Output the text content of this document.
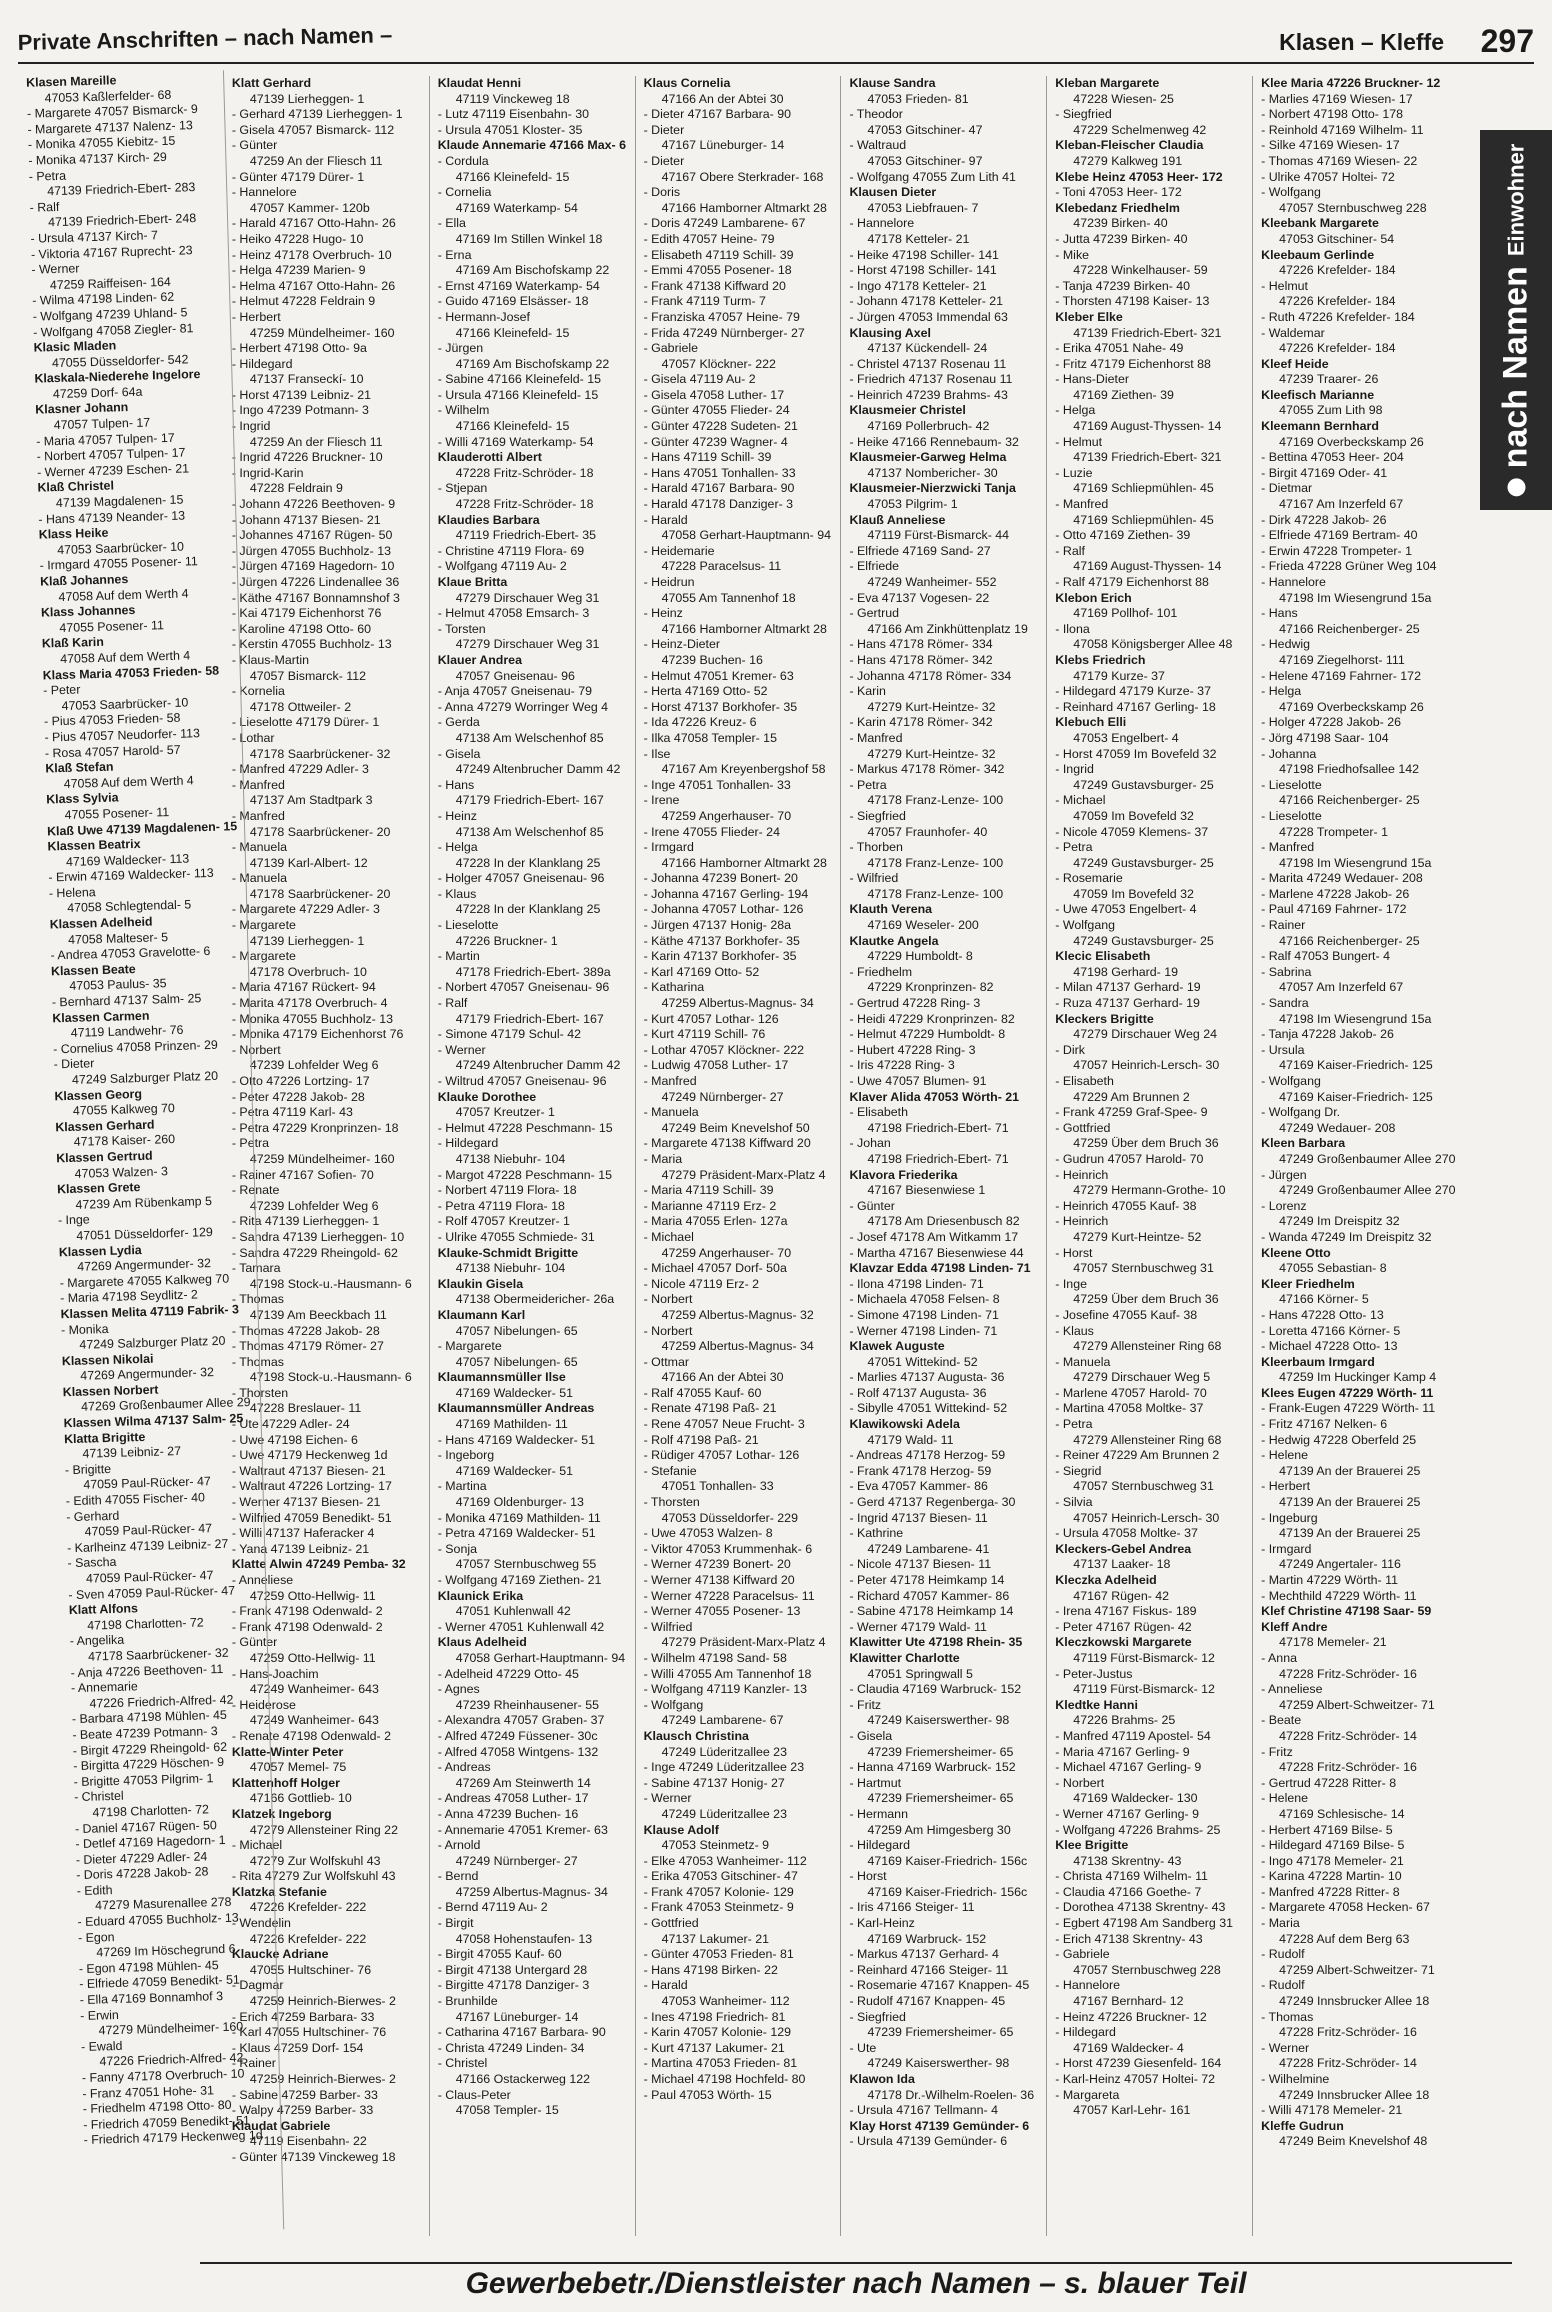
Private Anschriften – nach Namen –	Klasen – Kleffe 297
nach Namen
Einwohner
Klasen Mareille
47053 Kaßlerfelder- 68
- Margarete 47057 Bismarck- 9
- Margarete 47137 Nalenz- 13
- Monika 47055 Kiebitz- 15
- Monika 47137 Kirch- 29
- Petra
47139 Friedrich-Ebert- 283
- Ralf
47139 Friedrich-Ebert- 248
- Ursula 47137 Kirch- 7
- Viktoria 47167 Ruprecht- 23
- Werner
47259 Raiffeisen- 164
- Wilma 47198 Linden- 62
- Wolfgang 47239 Uhland- 5
- Wolfgang 47058 Ziegler- 81
Klasic Mladen
47055 Düsseldorfer- 542
Klaskala-Niederehe Ingelore
47259 Dorf- 64a
Klasner Johann
47057 Tulpen- 17
- Maria 47057 Tulpen- 17
- Norbert 47057 Tulpen- 17
- Werner 47239 Eschen- 21
Klaß Christel
47139 Magdalenen- 15
- Hans 47139 Neander- 13
Klass Heike
47053 Saarbrücker- 10
- Irmgard 47055 Posener- 11
Klaß Johannes
47058 Auf dem Werth 4
Klass Johannes
47055 Posener- 11
Klaß Karin
47058 Auf dem Werth 4
Klass Maria 47053 Frieden- 58
- Peter
47053 Saarbrücker- 10
- Pius 47053 Frieden- 58
- Pius 47057 Neudorfer- 113
- Rosa 47057 Harold- 57
Klaß Stefan
47058 Auf dem Werth 4
Klass Sylvia
47055 Posener- 11
Klaß Uwe 47139 Magdalenen- 15
Klassen Beatrix
47169 Waldecker- 113
- Erwin 47169 Waldecker- 113
- Helena
47058 Schlegtendal- 5
Klassen Adelheid
47058 Malteser- 5
- Andrea 47053 Gravelotte- 6
Klassen Beate
47053 Paulus- 35
- Bernhard 47137 Salm- 25
Klassen Carmen
47119 Landwehr- 76
- Cornelius 47058 Prinzen- 29
- Dieter
47249 Salzburger Platz 20
Klassen Georg
47055 Kalkweg 70
Klassen Gerhard
47178 Kaiser- 260
Klassen Gertrud
47053 Walzen- 3
Klassen Grete
47239 Am Rübenkamp 5
- Inge
47051 Düsseldorfer- 129
Klassen Lydia
47269 Angermunder- 32
- Margarete 47055 Kalkweg 70
- Maria 47198 Seydlitz- 2
Klassen Melita 47119 Fabrik- 3
- Monika
47249 Salzburger Platz 20
Klassen Nikolai
47269 Angermunder- 32
Klassen Norbert
47269 Großenbaumer Allee 29
Klassen Wilma 47137 Salm- 25
Klatta Brigitte
47139 Leibniz- 27
- Brigitte
47059 Paul-Rücker- 47
- Edith 47055 Fischer- 40
- Gerhard
47059 Paul-Rücker- 47
- Karlheinz 47139 Leibniz- 27
- Sascha
47059 Paul-Rücker- 47
- Sven 47059 Paul-Rücker- 47
Klatt Alfons
47198 Charlotten- 72
- Angelika
47178 Saarbrückener- 32
- Anja 47226 Beethoven- 11
- Annemarie
47226 Friedrich-Alfred- 42
- Barbara 47198 Mühlen- 45
- Beate 47239 Potmann- 3
- Birgit 47229 Rheingold- 62
- Birgitta 47229 Höschen- 9
- Brigitte 47053 Pilgrim- 1
- Christel
47198 Charlotten- 72
- Daniel 47167 Rügen- 50
- Detlef 47169 Hagedorn- 1
- Dieter 47229 Adler- 24
- Doris 47228 Jakob- 28
- Edith
47279 Masurenallee 278
- Eduard 47055 Buchholz- 13
- Egon
47269 Im Höschegrund 6
- Egon 47198 Mühlen- 45
- Elfriede 47059 Benedikt- 51
- Ella 47169 Bonnamhof 3
- Erwin
47279 Mündelheimer- 160
- Ewald
47226 Friedrich-Alfred- 42
- Fanny 47178 Overbruch- 10
- Franz 47051 Hohe- 31
- Friedhelm 47198 Otto- 80
- Friedrich 47059 Benedikt- 51
- Friedrich 47179 Heckenweg 1d
Klatt Gerhard
47139 Lierheggen- 1
- Gerhard 47139 Lierheggen- 1
- Gisela 47057 Bismarck- 112
- Günter
47259 An der Fliesch 11
- Günter 47179 Dürer- 1
- Hannelore
47057 Kammer- 120b
- Harald 47167 Otto-Hahn- 26
- Heiko 47228 Hugo- 10
- Heinz 47178 Overbruch- 10
- Helga 47239 Marien- 9
- Helma 47167 Otto-Hahn- 26
- Helmut 47228 Feldrain 9
- Herbert
47259 Mündelheimer- 160
- Herbert 47198 Otto- 9a
- Hildegard
47137 Franseckí- 10
- Horst 47139 Leibniz- 21
- Ingo 47239 Potmann- 3
- Ingrid
47259 An der Fliesch 11
- Ingrid 47226 Bruckner- 10
- Ingrid-Karin
47228 Feldrain 9
- Johann 47226 Beethoven- 9
- Johann 47137 Biesen- 21
- Johannes 47167 Rügen- 50
- Jürgen 47055 Buchholz- 13
- Jürgen 47169 Hagedorn- 10
- Jürgen 47226 Lindenallee 36
- Käthe 47167 Bonnamnshof 3
- Kai 47179 Eichenhorst 76
- Karoline 47198 Otto- 60
- Kerstin 47055 Buchholz- 13
- Klaus-Martin
47057 Bismarck- 112
- Kornelia
47178 Ottweiler- 2
- Lieselotte 47179 Dürer- 1
- Lothar
47178 Saarbrückener- 32
- Manfred 47229 Adler- 3
- Manfred
47137 Am Stadtpark 3
- Manfred
47178 Saarbrückener- 20
- Manuela
47139 Karl-Albert- 12
- Manuela
47178 Saarbrückener- 20
- Margarete 47229 Adler- 3
- Margarete
47139 Lierheggen- 1
- Margarete
47178 Overbruch- 10
- Maria 47167 Rückert- 94
- Marita 47178 Overbruch- 4
- Monika 47055 Buchholz- 13
- Monika 47179 Eichenhorst 76
- Norbert
47239 Lohfelder Weg 6
- Otto 47226 Lortzing- 17
- Peter 47228 Jakob- 28
- Petra 47119 Karl- 43
- Petra 47229 Kronprinzen- 18
- Petra
47259 Mündelheimer- 160
- Rainer 47167 Sofien- 70
- Renate
47239 Lohfelder Weg 6
- Rita 47139 Lierheggen- 1
- Sandra 47139 Lierheggen- 10
- Sandra 47229 Rheingold- 62
- Tamara
47198 Stock-u.-Hausmann- 6
- Thomas
47139 Am Beeckbach 11
- Thomas 47228 Jakob- 28
- Thomas 47179 Römer- 27
- Thomas
47198 Stock-u.-Hausmann- 6
- Thorsten
47228 Breslauer- 11
- Ute 47229 Adler- 24
- Uwe 47198 Eichen- 6
- Uwe 47179 Heckenweg 1d
- Waltraut 47137 Biesen- 21
- Waltraut 47226 Lortzing- 17
- Werner 47137 Biesen- 21
- Wilfried 47059 Benedikt- 51
- Willi 47137 Haferacker 4
- Yana 47139 Leibniz- 21
Klatte Alwin 47249 Pemba- 32
- Anneliese
47259 Otto-Hellwig- 11
- Frank 47198 Odenwald- 2
- Frank 47198 Odenwald- 2
- Günter
47259 Otto-Hellwig- 11
- Hans-Joachim
47249 Wanheimer- 643
- Heiderose
47249 Wanheimer- 643
- Renate 47198 Odenwald- 2
Klatte-Winter Peter
47057 Memel- 75
Klattenhoff Holger
47166 Gottlieb- 10
Klatzek Ingeborg
47279 Allensteiner Ring 22
- Michael
47279 Zur Wolfskuhl 43
- Rita 47279 Zur Wolfskuhl 43
Klatzka Stefanie
47226 Krefelder- 222
- Wendelin
47226 Krefelder- 222
Klaucke Adriane
47055 Hultschiner- 76
- Dagmar
47259 Heinrich-Bierwes- 2
- Erich 47259 Barbara- 33
- Karl 47055 Hultschiner- 76
- Klaus 47259 Dorf- 154
- Rainer
47259 Heinrich-Bierwes- 2
- Sabine 47259 Barber- 33
- Walpy 47259 Barber- 33
Klaudat Gabriele
47119 Eisenbahn- 22
- Günter 47139 Vinckeweg 18
Klaudat Henni
47119 Vinckeweg 18
- Lutz 47119 Eisenbahn- 30
- Ursula 47051 Kloster- 35
Klaude Annemarie 47166 Max- 6
- Cordula
47166 Kleinefeld- 15
- Cornelia
47169 Waterkamp- 54
- Ella
47169 Im Stillen Winkel 18
- Erna
47169 Am Bischofskamp 22
- Ernst 47169 Waterkamp- 54
- Guido 47169 Elsässer- 18
- Hermann-Josef
47166 Kleinefeld- 15
- Jürgen
47169 Am Bischofskamp 22
- Sabine 47166 Kleinefeld- 15
- Ursula 47166 Kleinefeld- 15
- Wilhelm
47166 Kleinefeld- 15
- Willi 47169 Waterkamp- 54
Klauderotti Albert
47228 Fritz-Schröder- 18
- Stjepan
47228 Fritz-Schröder- 18
Klaudies Barbara
47119 Friedrich-Ebert- 35
- Christine 47119 Flora- 69
- Wolfgang 47119 Au- 2
Klaue Britta
47279 Dirschauer Weg 31
- Helmut 47058 Emsarch- 3
- Torsten
47279 Dirschauer Weg 31
Klauer Andrea
47057 Gneisenau- 96
- Anja 47057 Gneisenau- 79
- Anna 47279 Worringer Weg 4
- Gerda
47138 Am Welschenhof 85
- Gisela
47249 Altenbrucher Damm 42
- Hans
47179 Friedrich-Ebert- 167
- Heinz
47138 Am Welschenhof 85
- Helga
47228 In der Klanklang 25
- Holger 47057 Gneisenau- 96
- Klaus
47228 In der Klanklang 25
- Lieselotte
47226 Bruckner- 1
- Martin
47178 Friedrich-Ebert- 389a
- Norbert 47057 Gneisenau- 96
- Ralf
47179 Friedrich-Ebert- 167
- Simone 47179 Schul- 42
- Werner
47249 Altenbrucher Damm 42
- Wiltrud 47057 Gneisenau- 96
Klauke Dorothee
47057 Kreutzer- 1
- Helmut 47228 Peschmann- 15
- Hildegard
47138 Niebuhr- 104
- Margot 47228 Peschmann- 15
- Norbert 47119 Flora- 18
- Petra 47119 Flora- 18
- Rolf 47057 Kreutzer- 1
- Ulrike 47055 Schmiede- 31
Klauke-Schmidt Brigitte
47138 Niebuhr- 104
Klaukin Gisela
47138 Obermeidericher- 26a
Klaumann Karl
47057 Nibelungen- 65
- Margarete
47057 Nibelungen- 65
Klaumannsmüller Ilse
47169 Waldecker- 51
Klaumannsmüller Andreas
47169 Mathilden- 11
- Hans 47169 Waldecker- 51
- Ingeborg
47169 Waldecker- 51
- Martina
47169 Oldenburger- 13
- Monika 47169 Mathilden- 11
- Petra 47169 Waldecker- 51
- Sonja
47057 Sternbuschweg 55
- Wolfgang 47169 Ziethen- 21
Klaunick Erika
47051 Kuhlenwall 42
- Werner 47051 Kuhlenwall 42
Klaus Adelheid
47058 Gerhart-Hauptmann- 94
- Adelheid 47229 Otto- 45
- Agnes
47239 Rheinhausener- 55
- Alexandra 47057 Graben- 37
- Alfred 47249 Füssener- 30c
- Alfred 47058 Wintgens- 132
- Andreas
47269 Am Steinwerth 14
- Andreas 47058 Luther- 17
- Anna 47239 Buchen- 16
- Annemarie 47051 Kremer- 63
- Arnold
47249 Nürnberger- 27
- Bernd
47259 Albertus-Magnus- 34
- Bernd 47119 Au- 2
- Birgit
47058 Hohenstaufen- 13
- Birgit 47055 Kauf- 60
- Birgit 47138 Untergard 28
- Birgitte 47178 Danziger- 3
- Brunhilde
47167 Lüneburger- 14
- Catharina 47167 Barbara- 90
- Christa 47249 Linden- 34
- Christel
47166 Ostackerweg 122
- Claus-Peter
47058 Templer- 15
Klaus Cornelia
47166 An der Abtei 30
- Dieter 47167 Barbara- 90
- Dieter
47167 Lüneburger- 14
- Dieter
47167 Obere Sterkrader- 168
- Doris
47166 Hamborner Altmarkt 28
- Doris 47249 Lambarene- 67
- Edith 47057 Heine- 79
- Elisabeth 47119 Schill- 39
- Emmi 47055 Posener- 18
- Frank 47138 Kiffward 20
- Frank 47119 Turm- 7
- Franziska 47057 Heine- 79
- Frida 47249 Nürnberger- 27
- Gabriele
47057 Klöckner- 222
- Gisela 47119 Au- 2
- Gisela 47058 Luther- 17
- Günter 47055 Flieder- 24
- Günter 47228 Sudeten- 21
- Günter 47239 Wagner- 4
- Hans 47119 Schill- 39
- Hans 47051 Tonhallen- 33
- Harald 47167 Barbara- 90
- Harald 47178 Danziger- 3
- Harald
47058 Gerhart-Hauptmann- 94
- Heidemarie
47228 Paracelsus- 11
- Heidrun
47055 Am Tannenhof 18
- Heinz
47166 Hamborner Altmarkt 28
- Heinz-Dieter
47239 Buchen- 16
- Helmut 47051 Kremer- 63
- Herta 47169 Otto- 52
- Horst 47137 Borkhofer- 35
- Ida 47226 Kreuz- 6
- Ilka 47058 Templer- 15
- Ilse
47167 Am Kreyenbergshof 58
- Inge 47051 Tonhallen- 33
- Irene
47259 Angerhauser- 70
- Irene 47055 Flieder- 24
- Irmgard
47166 Hamborner Altmarkt 28
- Johanna 47239 Bonert- 20
- Johanna 47167 Gerling- 194
- Johanna 47057 Lothar- 126
- Jürgen 47137 Honig- 28a
- Käthe 47137 Borkhofer- 35
- Karin 47137 Borkhofer- 35
- Karl 47169 Otto- 52
- Katharina
47259 Albertus-Magnus- 34
- Kurt 47057 Lothar- 126
- Kurt 47119 Schill- 76
- Lothar 47057 Klöckner- 222
- Ludwig 47058 Luther- 17
- Manfred
47249 Nürnberger- 27
- Manuela
47249 Beim Knevelshof 50
- Margarete 47138 Kiffward 20
- Maria
47279 Präsident-Marx-Platz 4
- Maria 47119 Schill- 39
- Marianne 47119 Erz- 2
- Maria 47055 Erlen- 127a
- Michael
47259 Angerhauser- 70
- Michael 47057 Dorf- 50a
- Nicole 47119 Erz- 2
- Norbert
47259 Albertus-Magnus- 32
- Norbert
47259 Albertus-Magnus- 34
- Ottmar
47166 An der Abtei 30
- Ralf 47055 Kauf- 60
- Renate 47198 Paß- 21
- Rene 47057 Neue Frucht- 3
- Rolf 47198 Paß- 21
- Rüdiger 47057 Lothar- 126
- Stefanie
47051 Tonhallen- 33
- Thorsten
47053 Düsseldorfer- 229
- Uwe 47053 Walzen- 8
- Viktor 47053 Krummenhak- 6
- Werner 47239 Bonert- 20
- Werner 47138 Kiffward 20
- Werner 47228 Paracelsus- 11
- Werner 47055 Posener- 13
- Wilfried
47279 Präsident-Marx-Platz 4
- Wilhelm 47198 Sand- 58
- Willi 47055 Am Tannenhof 18
- Wolfgang 47119 Kanzler- 13
- Wolfgang
47249 Lambarene- 67
Klausch Christina
47249 Lüderitzallee 23
- Inge 47249 Lüderitzallee 23
- Sabine 47137 Honig- 27
- Werner
47249 Lüderitzallee 23
Klause Adolf
47053 Steinmetz- 9
- Elke 47053 Wanheimer- 112
- Erika 47053 Gitschiner- 47
- Frank 47057 Kolonie- 129
- Frank 47053 Steinmetz- 9
- Gottfried
47137 Lakumer- 21
- Günter 47053 Frieden- 81
- Hans 47198 Birken- 22
- Harald
47053 Wanheimer- 112
- Ines 47198 Friedrich- 81
- Karin 47057 Kolonie- 129
- Kurt 47137 Lakumer- 21
- Martina 47053 Frieden- 81
- Michael 47198 Hochfeld- 80
- Paul 47053 Wörth- 15
Klause Sandra
47053 Frieden- 81
- Theodor
47053 Gitschiner- 47
- Waltraud
47053 Gitschiner- 97
- Wolfgang 47055 Zum Lith 41
Klausen Dieter
47053 Liebfrauen- 7
- Hannelore
47178 Ketteler- 21
- Heike 47198 Schiller- 141
- Horst 47198 Schiller- 141
- Ingo 47178 Ketteler- 21
- Johann 47178 Ketteler- 21
- Jürgen 47053 Immendal 63
Klausing Axel
47137 Kückendell- 24
- Christel 47137 Rosenau 11
- Friedrich 47137 Rosenau 11
- Heinrich 47239 Brahms- 43
Klausmeier Christel
47169 Pollerbruch- 42
- Heike 47166 Rennebaum- 32
Klausmeier-Garweg Helma
47137 Nombericher- 30
Klausmeier-Nierzwicki Tanja
47053 Pilgrim- 1
Klauß Anneliese
47119 Fürst-Bismarck- 44
- Elfriede 47169 Sand- 27
- Elfriede
47249 Wanheimer- 552
- Eva 47137 Vogesen- 22
- Gertrud
47166 Am Zinkhüttenplatz 19
- Hans 47178 Römer- 334
- Hans 47178 Römer- 342
- Johanna 47178 Römer- 334
- Karin
47279 Kurt-Heintze- 32
- Karin 47178 Römer- 342
- Manfred
47279 Kurt-Heintze- 32
- Markus 47178 Römer- 342
- Petra
47178 Franz-Lenze- 100
- Siegfried
47057 Fraunhofer- 40
- Thorben
47178 Franz-Lenze- 100
- Wilfried
47178 Franz-Lenze- 100
Klauth Verena
47169 Weseler- 200
Klautke Angela
47229 Humboldt- 8
- Friedhelm
47229 Kronprinzen- 82
- Gertrud 47228 Ring- 3
- Heidi 47229 Kronprinzen- 82
- Helmut 47229 Humboldt- 8
- Hubert 47228 Ring- 3
- Iris 47228 Ring- 3
- Uwe 47057 Blumen- 91
Klaver Alida 47053 Wörth- 21
- Elisabeth
47198 Friedrich-Ebert- 71
- Johan
47198 Friedrich-Ebert- 71
Klavora Friederika
47167 Biesenwiese 1
- Günter
47178 Am Driesenbusch 82
- Josef 47178 Am Witkamm 17
- Martha 47167 Biesenwiese 44
Klavzar Edda 47198 Linden- 71
- Ilona 47198 Linden- 71
- Michaela 47058 Felsen- 8
- Simone 47198 Linden- 71
- Werner 47198 Linden- 71
Klawek Auguste
47051 Wittekind- 52
- Marlies 47137 Augusta- 36
- Rolf 47137 Augusta- 36
- Sibylle 47051 Wittekind- 52
Klawikowski Adela
47179 Wald- 11
- Andreas 47178 Herzog- 59
- Frank 47178 Herzog- 59
- Eva 47057 Kammer- 86
- Gerd 47137 Regenberga- 30
- Ingrid 47137 Biesen- 11
- Kathrine
47249 Lambarene- 41
- Nicole 47137 Biesen- 11
- Peter 47178 Heimkamp 14
- Richard 47057 Kammer- 86
- Sabine 47178 Heimkamp 14
- Werner 47179 Wald- 11
Klawitter Ute 47198 Rhein- 35
Klawitter Charlotte
47051 Springwall 5
- Claudia 47169 Warbruck- 152
- Fritz
47249 Kaiserswerther- 98
- Gisela
47239 Friemersheimer- 65
- Hanna 47169 Warbruck- 152
- Hartmut
47239 Friemersheimer- 65
- Hermann
47259 Am Himgesberg 30
- Hildegard
47169 Kaiser-Friedrich- 156c
- Horst
47169 Kaiser-Friedrich- 156c
- Iris 47166 Steiger- 11
- Karl-Heinz
47169 Warbruck- 152
- Markus 47137 Gerhard- 4
- Reinhard 47166 Steiger- 11
- Rosemarie 47167 Knappen- 45
- Rudolf 47167 Knappen- 45
- Siegfried
47239 Friemersheimer- 65
- Ute
47249 Kaiserswerther- 98
Klawon Ida
47178 Dr.-Wilhelm-Roelen- 36
- Ursula 47167 Tellmann- 4
Klay Horst 47139 Gemünder- 6
- Ursula 47139 Gemünder- 6
Kleban Margarete
47228 Wiesen- 25
- Siegfried
47229 Schelmenweg 42
Kleban-Fleischer Claudia
47279 Kalkweg 191
Klebe Heinz 47053 Heer- 172
- Toni 47053 Heer- 172
Klebedanz Friedhelm
47239 Birken- 40
- Jutta 47239 Birken- 40
- Mike
47228 Winkelhauser- 59
- Tanja 47239 Birken- 40
- Thorsten 47198 Kaiser- 13
Kleber Elke
47139 Friedrich-Ebert- 321
- Erika 47051 Nahe- 49
- Fritz 47179 Eichenhorst 88
- Hans-Dieter
47169 Ziethen- 39
- Helga
47169 August-Thyssen- 14
- Helmut
47139 Friedrich-Ebert- 321
- Luzie
47169 Schliepmühlen- 45
- Manfred
47169 Schliepmühlen- 45
- Otto 47169 Ziethen- 39
- Ralf
47169 August-Thyssen- 14
- Ralf 47179 Eichenhorst 88
Klebon Erich
47169 Pollhof- 101
- Ilona
47058 Königsberger Allee 48
Klebs Friedrich
47179 Kurze- 37
- Hildegard 47179 Kurze- 37
- Reinhard 47167 Gerling- 18
Klebuch Elli
47053 Engelbert- 4
- Horst 47059 Im Bovefeld 32
- Ingrid
47249 Gustavsburger- 25
- Michael
47059 Im Bovefeld 32
- Nicole 47059 Klemens- 37
- Petra
47249 Gustavsburger- 25
- Rosemarie
47059 Im Bovefeld 32
- Uwe 47053 Engelbert- 4
- Wolfgang
47249 Gustavsburger- 25
Klecic Elisabeth
47198 Gerhard- 19
- Milan 47137 Gerhard- 19
- Ruza 47137 Gerhard- 19
Kleckers Brigitte
47279 Dirschauer Weg 24
- Dirk
47057 Heinrich-Lersch- 30
- Elisabeth
47229 Am Brunnen 2
- Frank 47259 Graf-Spee- 9
- Gottfried
47259 Über dem Bruch 36
- Gudrun 47057 Harold- 70
- Heinrich
47279 Hermann-Grothe- 10
- Heinrich 47055 Kauf- 38
- Heinrich
47279 Kurt-Heintze- 52
- Horst
47057 Sternbuschweg 31
- Inge
47259 Über dem Bruch 36
- Josefine 47055 Kauf- 38
- Klaus
47279 Allensteiner Ring 68
- Manuela
47279 Dirschauer Weg 5
- Marlene 47057 Harold- 70
- Martina 47058 Moltke- 37
- Petra
47279 Allensteiner Ring 68
- Reiner 47229 Am Brunnen 2
- Siegrid
47057 Sternbuschweg 31
- Silvia
47057 Heinrich-Lersch- 30
- Ursula 47058 Moltke- 37
Kleckers-Gebel Andrea
47137 Laaker- 18
Kleczka Adelheid
47167 Rügen- 42
- Irena 47167 Fiskus- 189
- Peter 47167 Rügen- 42
Kleczkowski Margarete
47119 Fürst-Bismarck- 12
- Peter-Justus
47119 Fürst-Bismarck- 12
Kledtke Hanni
47226 Brahms- 25
- Manfred 47119 Apostel- 54
- Maria 47167 Gerling- 9
- Michael 47167 Gerling- 9
- Norbert
47169 Waldecker- 130
- Werner 47167 Gerling- 9
- Wolfgang 47226 Brahms- 25
Klee Brigitte
47138 Skrentny- 43
- Christa 47169 Wilhelm- 11
- Claudia 47166 Goethe- 7
- Dorothea 47138 Skrentny- 43
- Egbert 47198 Am Sandberg 31
- Erich 47138 Skrentny- 43
- Gabriele
47057 Sternbuschweg 228
- Hannelore
47167 Bernhard- 12
- Heinz 47226 Bruckner- 12
- Hildegard
47169 Waldecker- 4
- Horst 47239 Giesenfeld- 164
- Karl-Heinz 47057 Holtei- 72
- Margareta
47057 Karl-Lehr- 161
Klee Maria 47226 Bruckner- 12
- Marlies 47169 Wiesen- 17
- Norbert 47198 Otto- 178
- Reinhold 47169 Wilhelm- 11
- Silke 47169 Wiesen- 17
- Thomas 47169 Wiesen- 22
- Ulrike 47057 Holtei- 72
- Wolfgang
47057 Sternbuschweg 228
Kleebank Margarete
47053 Gitschiner- 54
Kleebaum Gerlinde
47226 Krefelder- 184
- Helmut
47226 Krefelder- 184
- Ruth 47226 Krefelder- 184
- Waldemar
47226 Krefelder- 184
Kleef Heide
47239 Traarer- 26
Kleefisch Marianne
47055 Zum Lith 98
Kleemann Bernhard
47169 Overbeckskamp 26
- Bettina 47053 Heer- 204
- Birgit 47169 Oder- 41
- Dietmar
47167 Am Inzerfeld 67
- Dirk 47228 Jakob- 26
- Elfriede 47169 Bertram- 40
- Erwin 47228 Trompeter- 1
- Frieda 47228 Grüner Weg 104
- Hannelore
47198 Im Wiesengrund 15a
- Hans
47166 Reichenberger- 25
- Hedwig
47169 Ziegelhorst- 111
- Helene 47169 Fahrner- 172
- Helga
47169 Overbeckskamp 26
- Holger 47228 Jakob- 26
- Jörg 47198 Saar- 104
- Johanna
47198 Friedhofsallee 142
- Lieselotte
47166 Reichenberger- 25
- Lieselotte
47228 Trompeter- 1
- Manfred
47198 Im Wiesengrund 15a
- Marita 47249 Wedauer- 208
- Marlene 47228 Jakob- 26
- Paul 47169 Fahrner- 172
- Rainer
47166 Reichenberger- 25
- Ralf 47053 Bungert- 4
- Sabrina
47057 Am Inzerfeld 67
- Sandra
47198 Im Wiesengrund 15a
- Tanja 47228 Jakob- 26
- Ursula
47169 Kaiser-Friedrich- 125
- Wolfgang
47169 Kaiser-Friedrich- 125
- Wolfgang Dr.
47249 Wedauer- 208
Kleen Barbara
47249 Großenbaumer Allee 270
- Jürgen
47249 Großenbaumer Allee 270
- Lorenz
47249 Im Dreispitz 32
- Wanda 47249 Im Dreispitz 32
Kleene Otto
47055 Sebastian- 8
Kleer Friedhelm
47166 Körner- 5
- Hans 47228 Otto- 13
- Loretta 47166 Körner- 5
- Michael 47228 Otto- 13
Kleerbaum Irmgard
47259 Im Huckinger Kamp 4
Klees Eugen 47229 Wörth- 11
- Frank-Eugen 47229 Wörth- 11
- Fritz 47167 Nelken- 6
- Hedwig 47228 Oberfeld 25
- Helene
47139 An der Brauerei 25
- Herbert
47139 An der Brauerei 25
- Ingeburg
47139 An der Brauerei 25
- Irmgard
47249 Angertaler- 116
- Martin 47229 Wörth- 11
- Mechthild 47229 Wörth- 11
Klef Christine 47198 Saar- 59
Kleff Andre
47178 Memeler- 21
- Anna
47228 Fritz-Schröder- 16
- Anneliese
47259 Albert-Schweitzer- 71
- Beate
47228 Fritz-Schröder- 14
- Fritz
47228 Fritz-Schröder- 16
- Gertrud 47228 Ritter- 8
- Helene
47169 Schlesische- 14
- Herbert 47169 Bilse- 5
- Hildegard 47169 Bilse- 5
- Ingo 47178 Memeler- 21
- Karina 47228 Martin- 10
- Manfred 47228 Ritter- 8
- Margarete 47058 Hecken- 67
- Maria
47228 Auf dem Berg 63
- Rudolf
47259 Albert-Schweitzer- 71
- Rudolf
47249 Innsbrucker Allee 18
- Thomas
47228 Fritz-Schröder- 16
- Werner
47228 Fritz-Schröder- 14
- Wilhelmine
47249 Innsbrucker Allee 18
- Willi 47178 Memeler- 21
Kleffe Gudrun
47249 Beim Knevelshof 48
Gewerbebetr./Dienstleister nach Namen – s. blauer Teil
